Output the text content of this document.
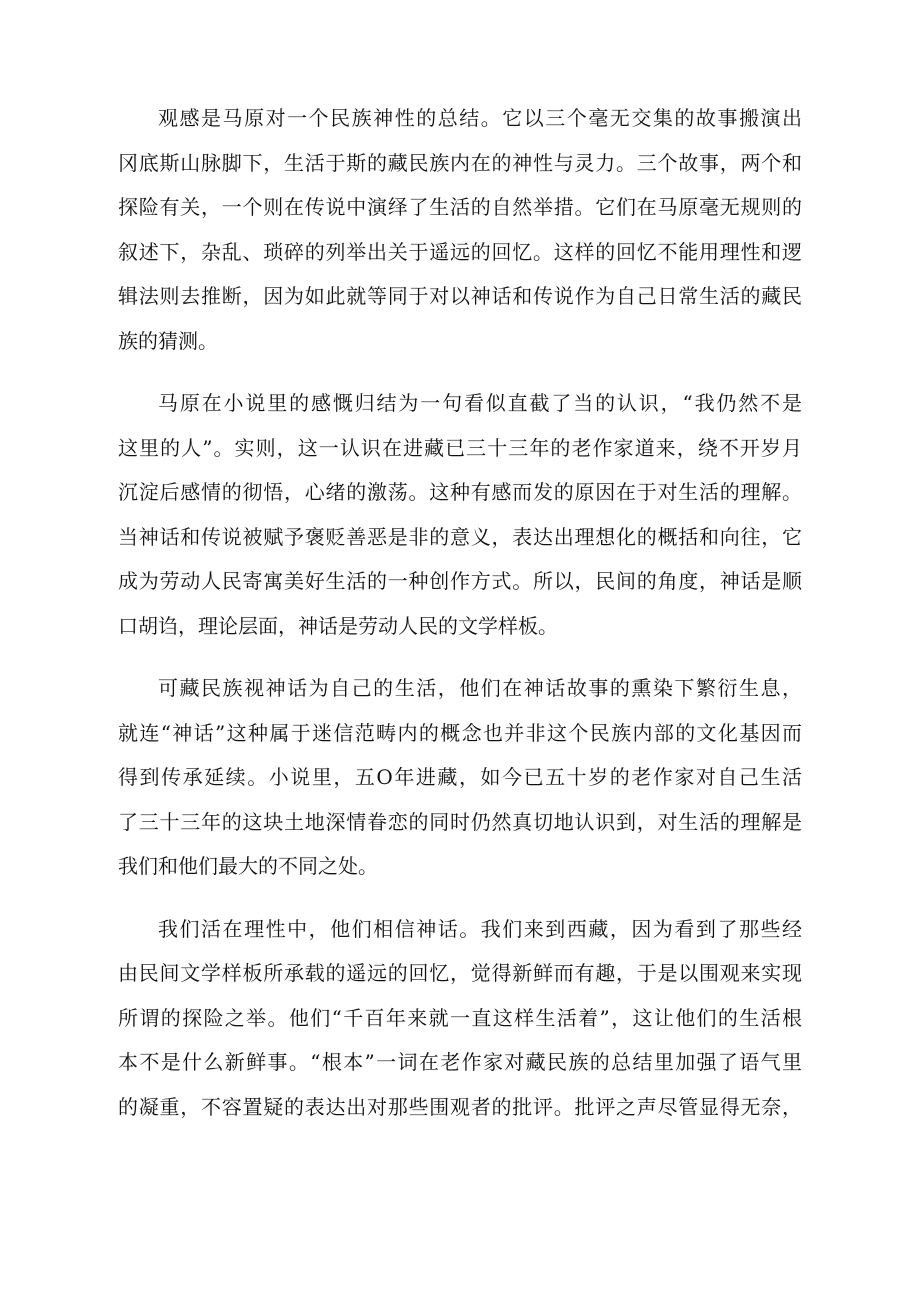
观感是马原对一个民族神性的总结。它以三个毫无交集的故事搬演出
冈底斯山脉脚下，生活于斯的藏民族内在的神性与灵力。三个故事，两个和
探险有关，一个则在传说中演绎了生活的自然举措。它们在马原毫无规则的
叙述下，杂乱、琐碎的列举出关于遥远的回忆。这样的回忆不能用理性和逻
辑法则去推断，因为如此就等同于对以神话和传说作为自己日常生活的藏民
族的猜测。

马原在小说里的感慨归结为一句看似直截了当的认识，“我仍然不是
这里的人”。实则，这一认识在进藏已三十三年的老作家道来，绕不开岁月
沉淀后感情的彻悟，心绪的激荡。这种有感而发的原因在于对生活的理解。
当神话和传说被赋予褒贬善恶是非的意义，表达出理想化的概括和向往，它
成为劳动人民寄寓美好生活的一种创作方式。所以，民间的角度，神话是顺
口胡诌，理论层面，神话是劳动人民的文学样板。

可藏民族视神话为自己的生活，他们在神话故事的熏染下繁衍生息，
就连“神话”这种属于迷信范畴内的概念也并非这个民族内部的文化基因而
得到传承延续。小说里，五O年进藏，如今已五十岁的老作家对自己生活
了三十三年的这块土地深情眷恋的同时仍然真切地认识到，对生活的理解是
我们和他们最大的不同之处。

我们活在理性中，他们相信神话。我们来到西藏，因为看到了那些经
由民间文学样板所承载的遥远的回忆，觉得新鲜而有趣，于是以围观来实现
所谓的探险之举。他们“千百年来就一直这样生活着”，这让他们的生活根
本不是什么新鲜事。“根本”一词在老作家对藏民族的总结里加强了语气里
的凝重，不容置疑的表达出对那些围观者的批评。批评之声尽管显得无奈，
